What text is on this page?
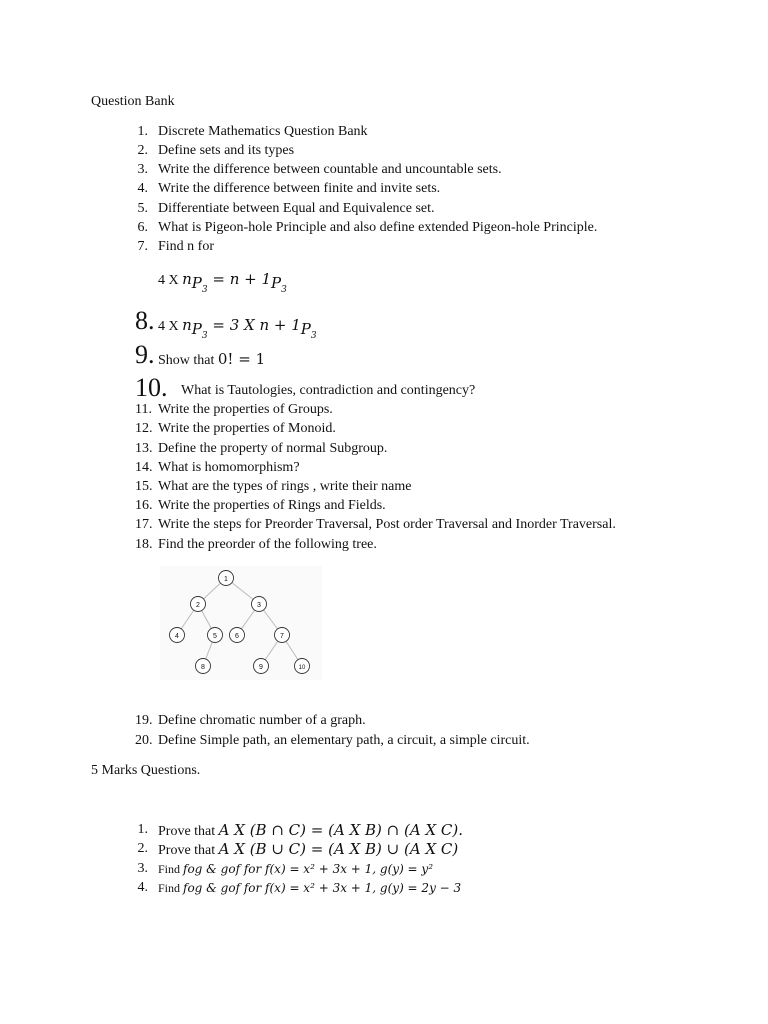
Question Bank
1. Discrete Mathematics Question Bank
2. Define sets and its types
3. Write the difference between countable and uncountable sets.
4. Write the difference between finite and invite sets.
5. Differentiate between Equal and Equivalence set.
6. What is Pigeon-hole Principle and also define extended Pigeon-hole Principle.
7. Find n for
4 X $n_{P_3} = n + 1_{P_3}$
8. 4 X $n_{P_3} = 3$ X $n + 1_{P_3}$
9. Show that 0! = 1
10. What is Tautologies, contradiction and contingency?
11. Write the properties of Groups.
12. Write the properties of Monoid.
13. Define the property of normal Subgroup.
14. What is homomorphism?
15. What are the types of rings , write their name
16. Write the properties of Rings and Fields.
17. Write the steps for Preorder Traversal, Post order Traversal and Inorder Traversal.
18. Find the preorder of the following tree.
1
2	3
4	5	6	7
8	9	10
19. Define chromatic number of a graph.
20. Define Simple path, an elementary path, a circuit, a simple circuit.
5 Marks Questions.
1. Prove that A X (B ∩ C) = (A X B) ∩ (A X C).
2. Prove that A X (B ∪ C) = (A X B) ∪ (A X C)
3. Find fog & gof for f(x) = x² + 3x + 1, g(y) = y²
4. Find fog & gof for f(x) = x² + 3x + 1, g(y) = 2y − 3
